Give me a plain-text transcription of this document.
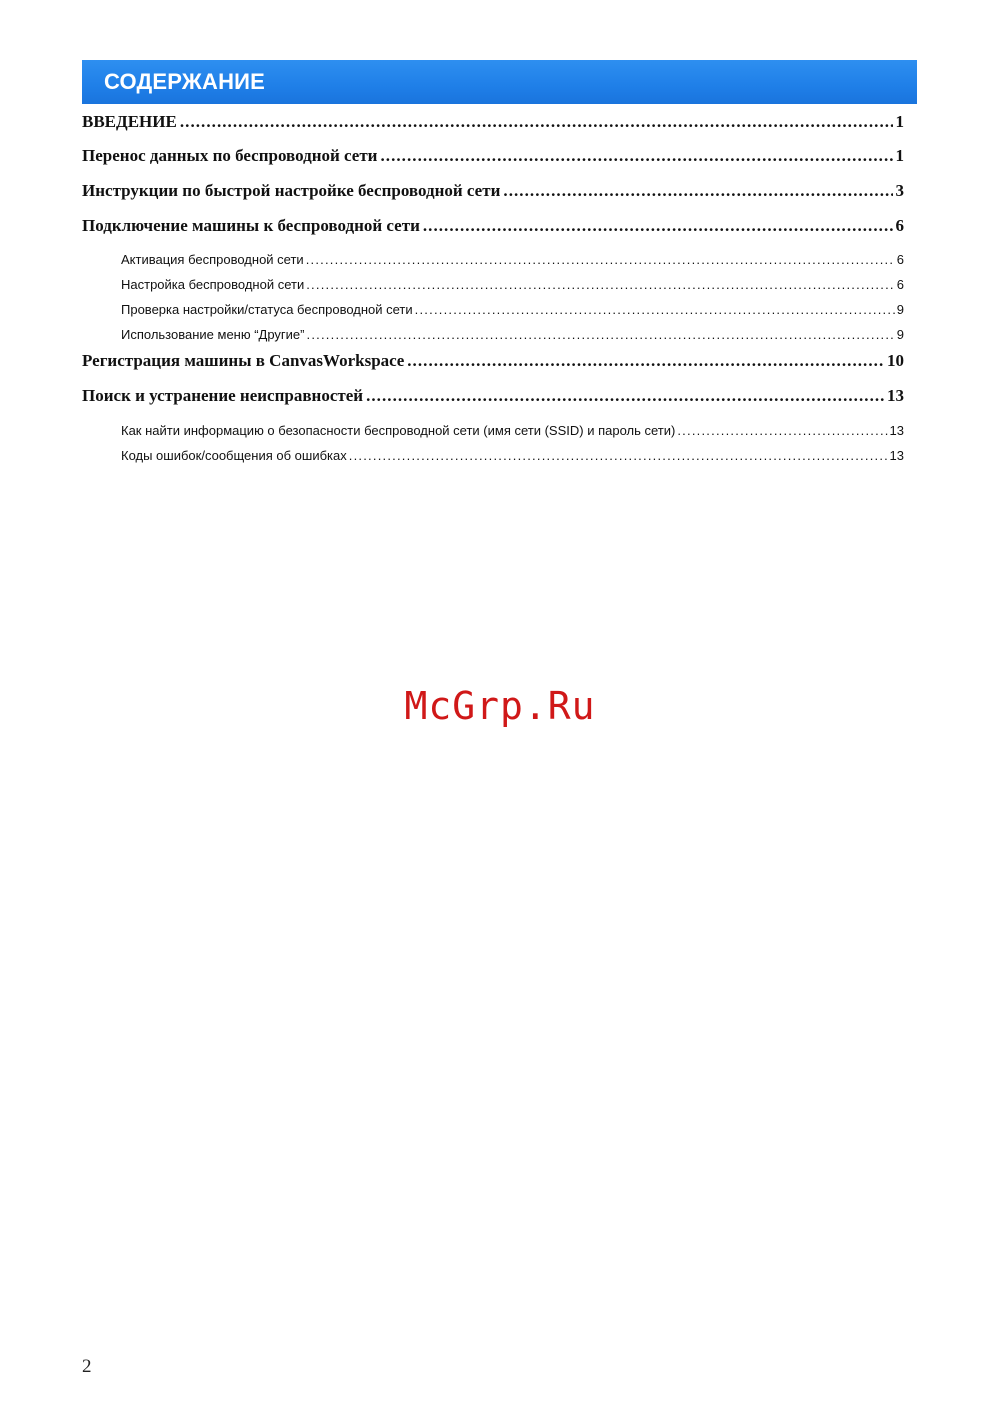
СОДЕРЖАНИЕ
ВВЕДЕНИЕ . . .	1
Перенос данных по беспроводной сети . . .	1
Инструкции по быстрой настройке беспроводной сети . . .	3
Подключение машины к беспроводной сети . . .	6
Активация беспроводной сети . . .	6
Настройка беспроводной сети . . .	6
Проверка настройки/статуса беспроводной сети . . .	9
Использование меню “Другие” . . .	9
Регистрация машины в CanvasWorkspace . . .	10
Поиск и устранение неисправностей . . .	13
Как найти информацию о безопасности беспроводной сети (имя сети (SSID) и пароль сети) . . .	13
Коды ошибок/сообщения об ошибках . . .	13
McGrp.Ru
2
